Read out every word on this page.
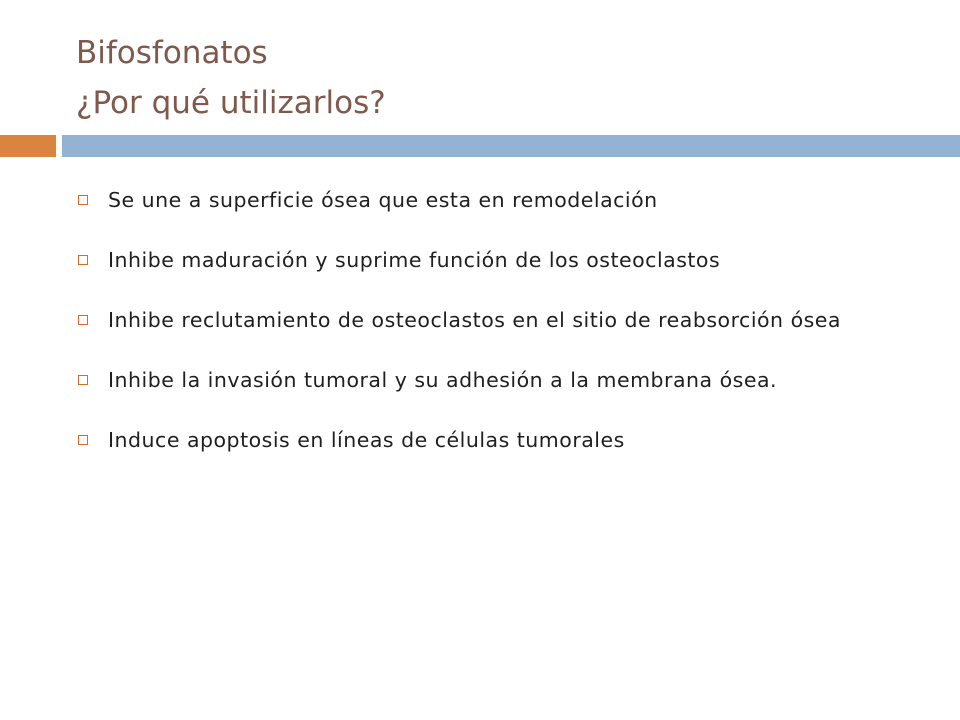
Bifosfonatos
¿Por qué utilizarlos?
Se une a superficie ósea que esta en remodelación
Inhibe maduración y suprime función de los osteoclastos
Inhibe reclutamiento de osteoclastos en el sitio de reabsorción ósea
Inhibe la invasión tumoral y su adhesión a la membrana ósea.
Induce apoptosis en líneas de células tumorales
